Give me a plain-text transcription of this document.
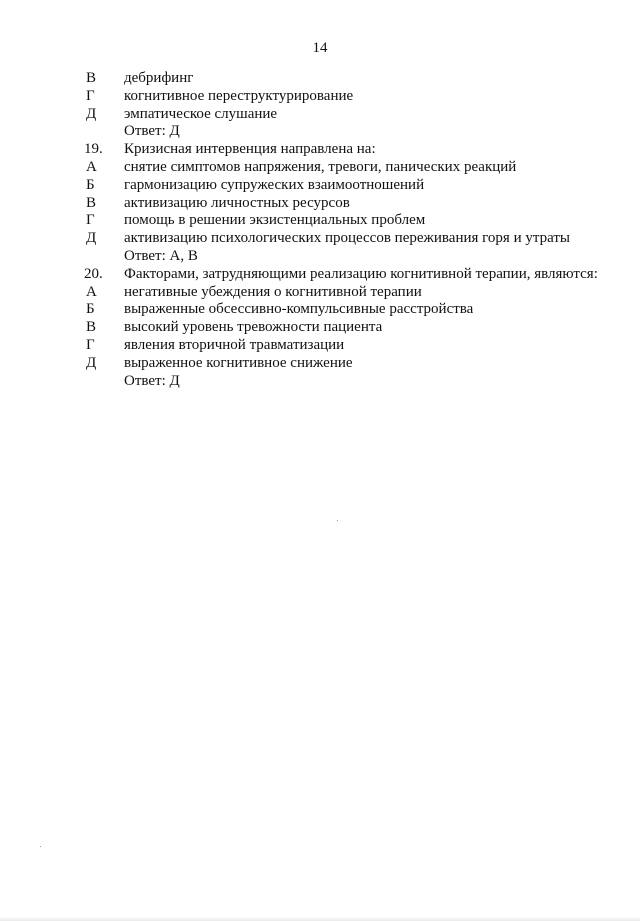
14
В	дебрифинг
Г	когнитивное переструктурирование
Д	эмпатическое слушание
Ответ: Д
19.	Кризисная интервенция направлена на:
А	снятие симптомов напряжения, тревоги, панических реакций
Б	гармонизацию супружеских взаимоотношений
В	активизацию личностных ресурсов
Г	помощь в решении экзистенциальных проблем
Д	активизацию психологических процессов переживания горя и утраты
Ответ: А, В
20.	Факторами, затрудняющими реализацию когнитивной терапии, являются:
А	негативные убеждения о когнитивной терапии
Б	выраженные обсессивно-компульсивные расстройства
В	высокий уровень тревожности пациента
Г	явления вторичной травматизации
Д	выраженное когнитивное снижение
Ответ: Д
